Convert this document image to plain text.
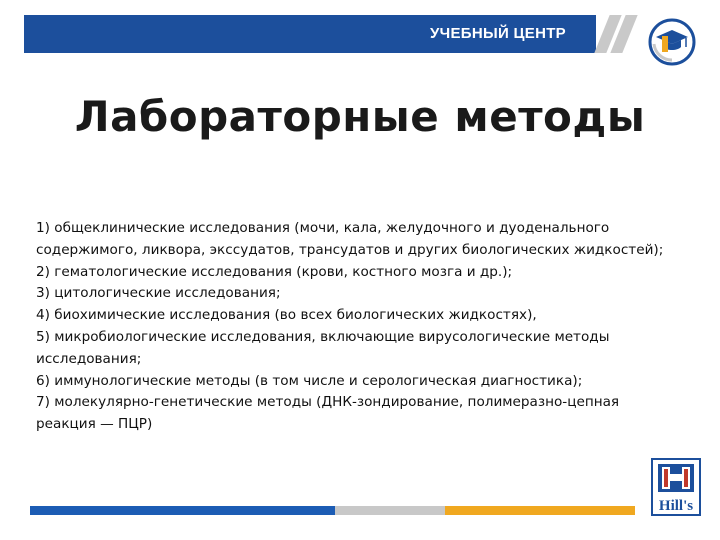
УЧЕБНЫЙ ЦЕНТР
Лабораторные методы
1) общеклинические исследования (мочи, кала, желудочного и дуоденального
содержимого, ликвора, экссудатов, трансудатов и других биологических жидкостей);
2) гематологические исследования (крови, костного мозга и др.);
3) цитологические исследования;
4) биохимические исследования (во всех биологических жидкостях),
5) микробиологические исследования, включающие вирусологические методы
исследования;
6) иммунологические методы (в том числе и серологическая диагностика);
7) молекулярно-генетические методы (ДНК-зондирование, полимеразно-цепная
реакция — ПЦР)
Hill's
